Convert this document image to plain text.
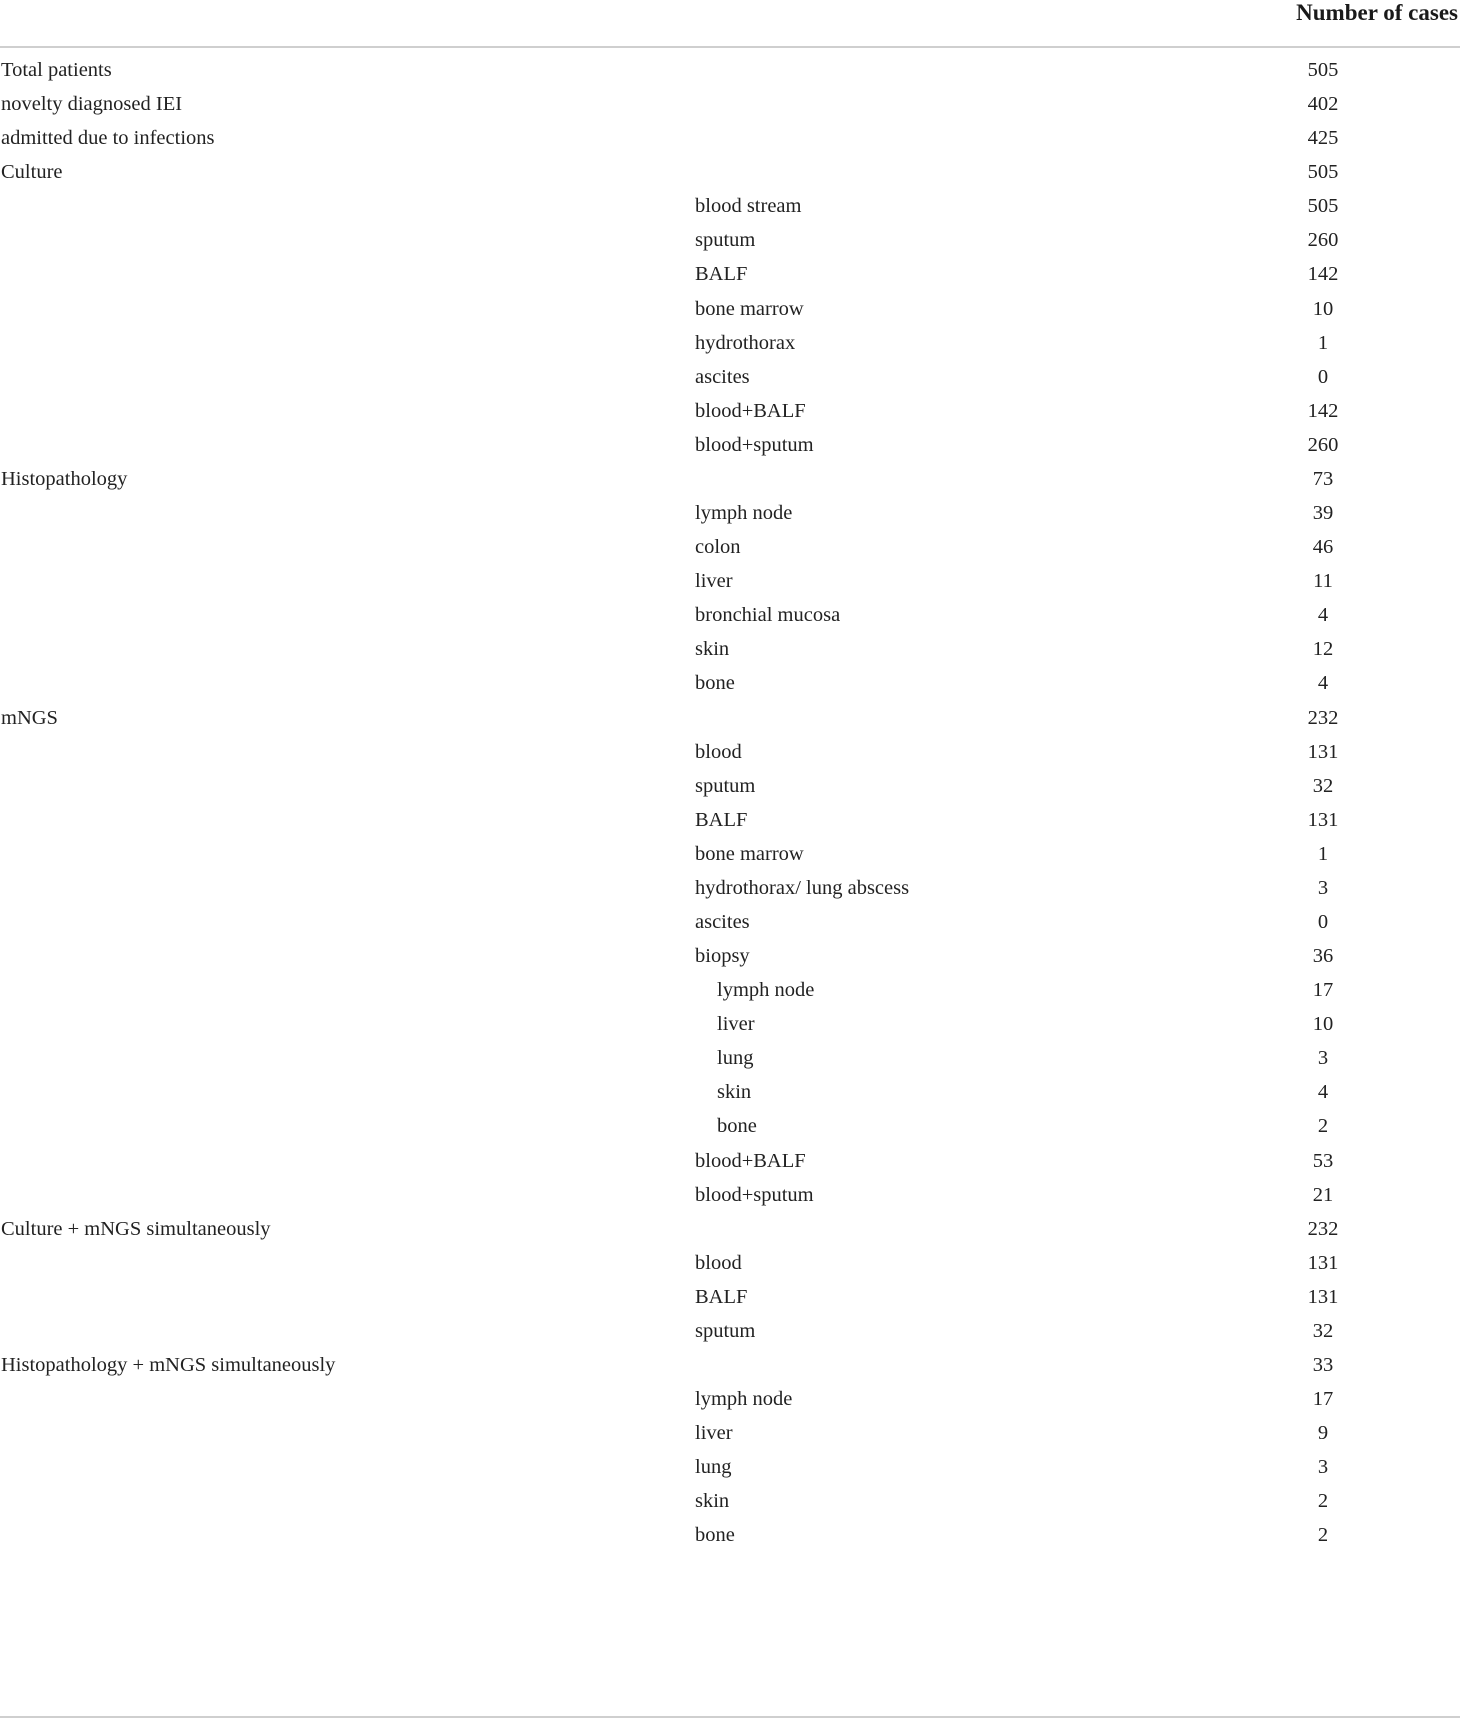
Number of cases
Total patients	505
novelty diagnosed IEI	402
admitted due to infections	425
Culture	505
blood stream	505
sputum	260
BALF	142
bone marrow	10
hydrothorax	1
ascites	0
blood+BALF	142
blood+sputum	260
Histopathology	73
lymph node	39
colon	46
liver	11
bronchial mucosa	4
skin	12
bone	4
mNGS	232
blood	131
sputum	32
BALF	131
bone marrow	1
hydrothorax/ lung abscess	3
ascites	0
biopsy	36
lymph node	17
liver	10
lung	3
skin	4
bone	2
blood+BALF	53
blood+sputum	21
Culture + mNGS simultaneously	232
blood	131
BALF	131
sputum	32
Histopathology + mNGS simultaneously	33
lymph node	17
liver	9
lung	3
skin	2
bone	2
